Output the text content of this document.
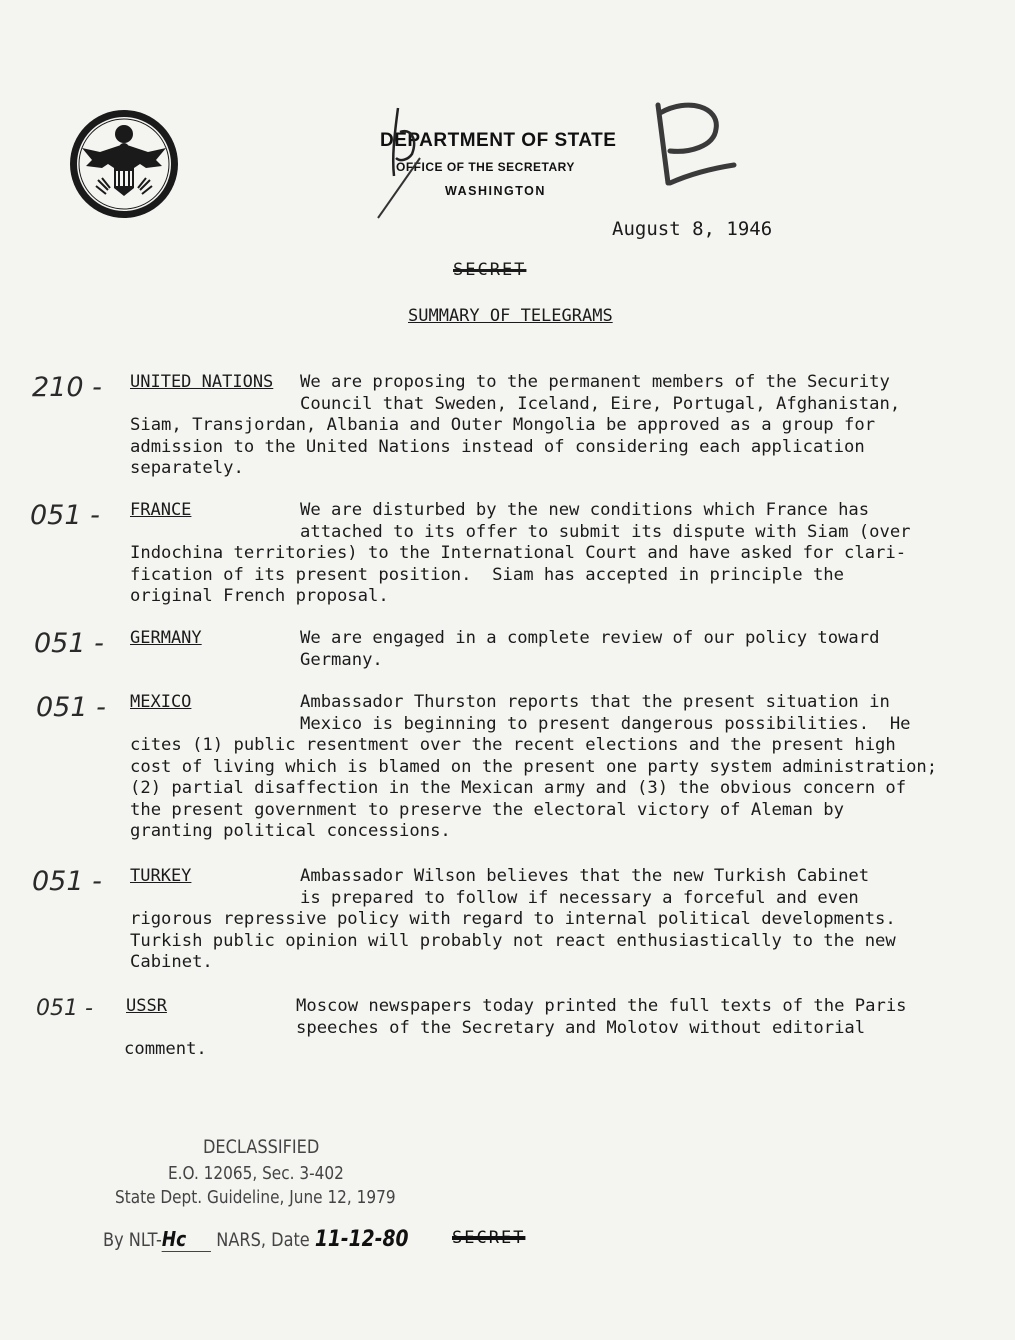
DEPARTMENT OF STATE
OFFICE OF THE SECRETARY
WASHINGTON
August 8, 1946
SECRET
SUMMARY OF TELEGRAMS
210 - UNITED NATIONS We are proposing to the permanent members of the Security
Council that Sweden, Iceland, Eire, Portugal, Afghanistan,
Siam, Transjordan, Albania and Outer Mongolia be approved as a group for
admission to the United Nations instead of considering each application
separately.
051 - FRANCE	We are disturbed by the new conditions which France has
attached to its offer to submit its dispute with Siam (over
Indochina territories) to the International Court and have asked for clari-
fication of its present position.  Siam has accepted in principle the
original French proposal.
051 - GERMANY	We are engaged in a complete review of our policy toward
Germany.
051 - MEXICO	Ambassador Thurston reports that the present situation in
Mexico is beginning to present dangerous possibilities.  He
cites (1) public resentment over the recent elections and the present high
cost of living which is blamed on the present one party system administration;
(2) partial disaffection in the Mexican army and (3) the obvious concern of
the present government to preserve the electoral victory of Aleman by
granting political concessions.
051 - TURKEY	Ambassador Wilson believes that the new Turkish Cabinet
is prepared to follow if necessary a forceful and even
rigorous repressive policy with regard to internal political developments.
Turkish public opinion will probably not react enthusiastically to the new
Cabinet.
051 - USSR	Moscow newspapers today printed the full texts of the Paris
speeches of the Secretary and Molotov without editorial
comment.
DECLASSIFIED
E.O. 12065, Sec. 3-402
State Dept. Guideline, June 12, 1979
By NLT-Hc NARS, Date 11-12-80	SECRET
